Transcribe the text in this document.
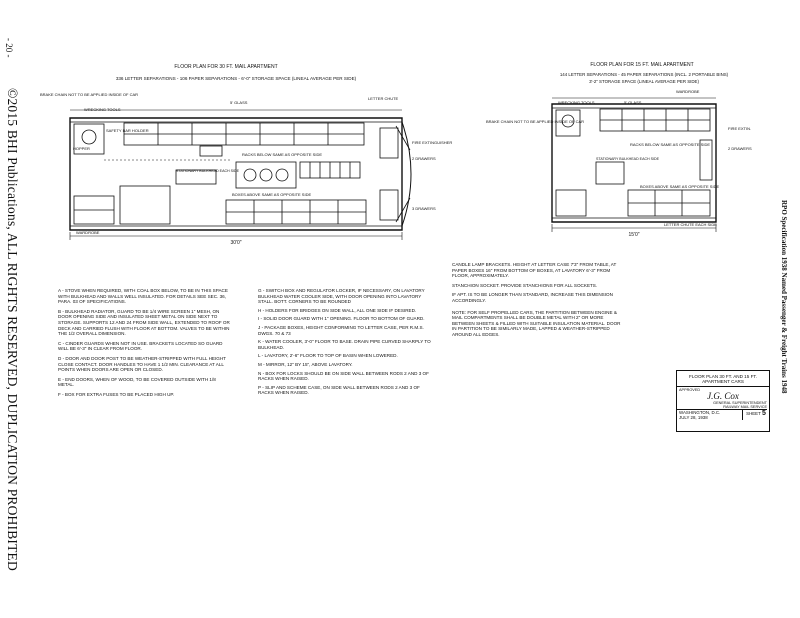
- 20 -
©2015 BHI Publications, ALL RIGHTS RESERVED, DUPLICATION PROHIBITED	RPO Specification 1938 Named Passenger & Freight Trains 1948
FLOOR PLAN FOR 30 FT. MAIL APARTMENT
336 LETTER SEPARATIONS - 106 PAPER SEPARATIONS - 6'-0" STORAGE SPACE (LINEAL AVERAGE PER SIDE)
BRAKE CHAIN NOT TO BE APPLIED INSIDE OF CAR
WRECKING TOOLS
5' GLASS
LETTER CHUTE
SAFETY BAR HOLDER
HOPPER
RACKS BELOW SAME AS OPPOSITE SIDE
FIRE EXTINGUISHER
2 DRAWERS
STATIONARY BULKHEAD EACH SIDE
BOXES ABOVE SAME AS OPPOSITE SIDE
3 DRAWERS
WARDROBE
30'0"
FLOOR PLAN FOR 15 FT. MAIL APARTMENT
144 LETTER SEPARATIONS - 45 PAPER SEPARATIONS (INCL. 2 PORTABLE BINS)
3'-2" STORAGE SPACE (LINEAL AVERAGE PER SIDE)
WARDROBE
WRECKING TOOLS	5' GLASS
BRAKE CHAIN NOT TO BE APPLIED INSIDE OF CAR
FIRE EXTIN.
2 DRAWERS
RACKS BELOW SAME AS OPPOSITE SIDE
STATIONARY BULKHEAD EACH SIDE
BOXES ABOVE SAME AS OPPOSITE SIDE
LETTER CHUTE EACH SIDE
15'0"
A - STOVE WHEN REQUIRED, WITH COAL BOX BELOW, TO BE IN THIS SPACE WITH BULKHEAD AND WALLS WELL INSULATED. FOR DETAILS SEE SEC. 36, PARA. 03 OF SPECIFICATIONS.
B - BULKHEAD RADIATOR, GUARD TO BE 1/4 WIRE SCREEN 1" MESH, ON DOOR OPENING SIDE AND INSULATED SHEET METAL ON SIDE NEXT TO STORAGE. SUPPORTS 12 AND 24 FROM SIDE WALL, EXTENDED TO ROOF OR DECK AND CARRIED FLUSH WITH FLOOR AT BOTTOM. VALVES TO BE WITHIN THE 1/2 OVERALL DIMENSION.
C - CINDER GUARDS WHEN NOT IN USE. BRACKETS LOCATED SO GUARD WILL BE 6'-3" IN CLEAR FROM FLOOR.
D - DOOR AND DOOR POST TO BE WEATHER-STRIPPED WITH FULL HEIGHT CLOSE CONTACT. DOOR HANDLES TO HAVE 1 1/2 MIN. CLEARANCE AT ALL POINTS WHEN DOORS ARE OPEN OR CLOSED.
E - END DOORS, WHEN OF WOOD, TO BE COVERED OUTSIDE WITH 1/8 METAL.
F - BOX FOR EXTRA FUSES TO BE PLACED HIGH UP.
G - SWITCH BOX AND REGULATOR LOCKER, IF NECESSARY, ON LAVATORY BULKHEAD WATER COOLER SIDE, WITH DOOR OPENING INTO LAVATORY STALL. BOTT. CORNERS TO BE ROUNDED
H - HOLDERS FOR BRIDGES ON SIDE WALL, ALL ONE SIDE IF DESIRED.
I - SOLID DOOR GUARD WITH 1" OPENING. FLOOR TO BOTTOM OF GUARD.
J - PACKAGE BOXES, HEIGHT CONFORMING TO LETTER CASE, PER R.M.S. DWGS. 70 & 73
K - WATER COOLER, 3'-0" FLOOR TO BASE. DRAIN PIPE CURVED SHARPLY TO BULKHEAD.
L - LAVATORY, 2'-6" FLOOR TO TOP OF BASIN WHEN LOWERED.
M - MIRROR, 12" BY 15", ABOVE LAVATORY.
N - BOX FOR LOCKS SHOULD BE ON SIDE WALL BETWEEN RODS 2 AND 3 OF RACKS WHEN RAISED.
P - SLIP AND SCHEME CASE, ON SIDE WALL BETWEEN RODS 2 AND 3 OF RACKS WHEN RAISED.
CANDLE LAMP BRACKETS. HEIGHT AT LETTER CASE 7'3" FROM TABLE, AT PAPER BOXES 16" FROM BOTTOM OF BOXES, AT LAVATORY 6'-3" FROM FLOOR, APPROXIMATELY.
STANCHION SOCKET. PROVIDE STANCHIONS FOR ALL SOCKETS.
IF APT. IS TO BE LONGER THAN STANDARD, INCREASE THIS DIMENSION ACCORDINGLY.
NOTE: FOR SELF PROPELLED CARS, THE PARTITION BETWEEN ENGINE & MAIL COMPARTMENTS SHALL BE DOUBLE METAL WITH 2" OR MORE BETWEEN SHEETS & FILLED WITH SUITABLE INSULATION MATERIAL. DOOR IN PARTITION TO BE SIMILARLY MADE, LAPPED & WEATHER-STRIPPED AROUND ALL EDGES.
FLOOR PLAN 30 FT. AND 15 FT.
APARTMENT CARS
APPROVED
J.G. Cox
GENERAL SUPERINTENDENT
RAILWAY MAIL SERVICE
WASHINGTON, D.C.
JULY 28, 1938
SHEET 5
